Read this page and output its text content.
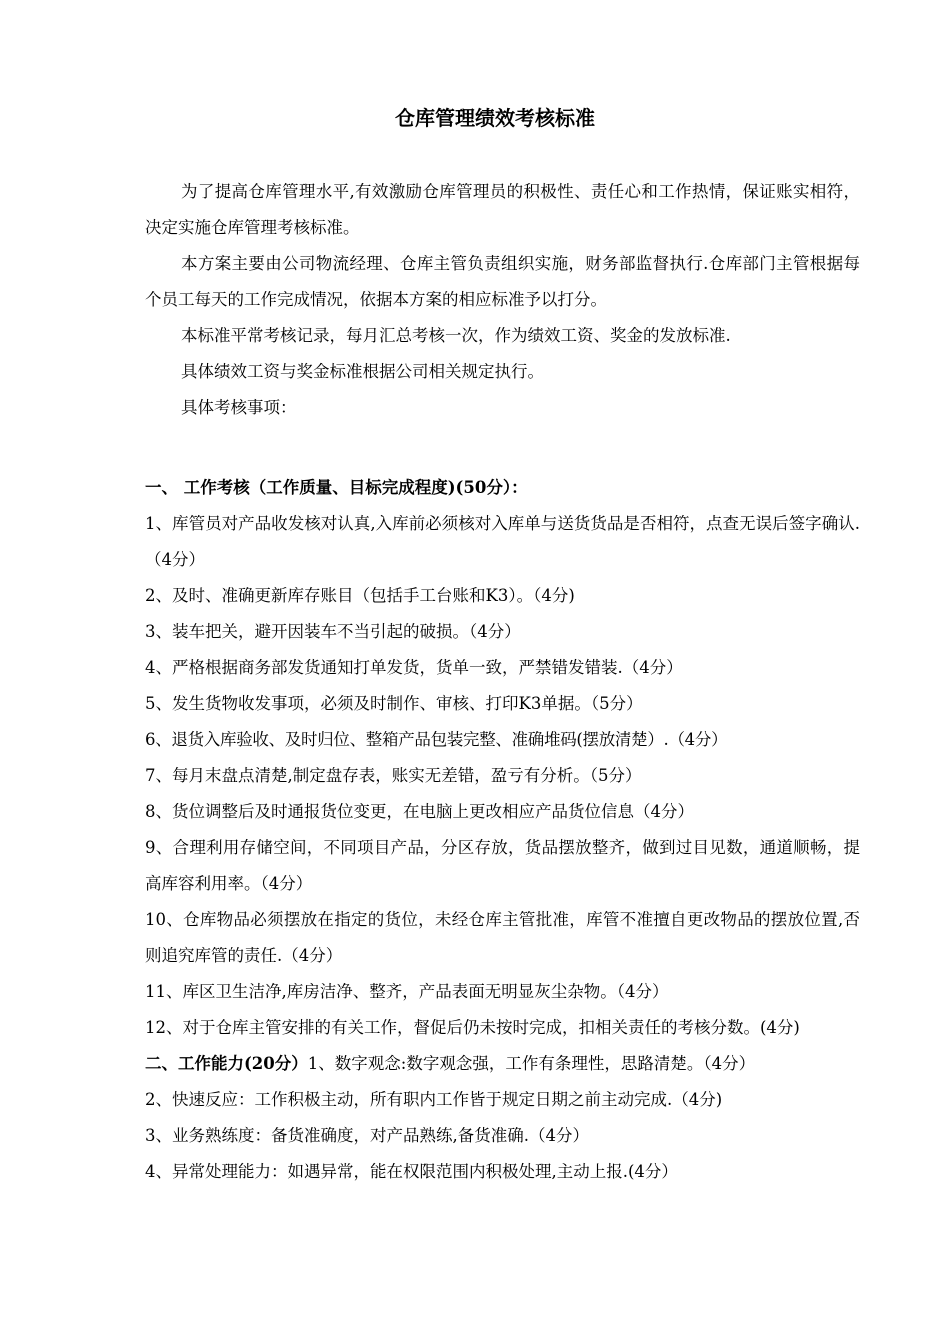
仓库管理绩效考核标准

为了提高仓库管理水平,有效激励仓库管理员的积极性、责任心和工作热情，保证账实相符，决定实施仓库管理考核标准。

本方案主要由公司物流经理、仓库主管负责组织实施，财务部监督执行.仓库部门主管根据每个员工每天的工作完成情况，依据本方案的相应标准予以打分。

本标准平常考核记录，每月汇总考核一次，作为绩效工资、奖金的发放标准.

具体绩效工资与奖金标准根据公司相关规定执行。

具体考核事项：

一、 工作考核（工作质量、目标完成程度)(50分）：

1、库管员对产品收发核对认真,入库前必须核对入库单与送货货品是否相符，点查无误后签字确认.（4分）

2、及时、准确更新库存账目（包括手工台账和K3）。（4分)

3、装车把关，避开因装车不当引起的破损。（4分）

4、严格根据商务部发货通知打单发货，货单一致，严禁错发错装.（4分）

5、发生货物收发事项，必须及时制作、审核、打印K3单据。（5分）

6、退货入库验收、及时归位、整箱产品包装完整、准确堆码(摆放清楚）.（4分）

7、每月末盘点清楚,制定盘存表，账实无差错，盈亏有分析。（5分）

8、货位调整后及时通报货位变更，在电脑上更改相应产品货位信息（4分）

9、合理利用存储空间，不同项目产品，分区存放，货品摆放整齐，做到过目见数，通道顺畅，提高库容利用率。（4分）

10、仓库物品必须摆放在指定的货位，未经仓库主管批准，库管不准擅自更改物品的摆放位置,否则追究库管的责任.（4分）

11、库区卫生洁净,库房洁净、整齐，产品表面无明显灰尘杂物。（4分）

12、对于仓库主管安排的有关工作，督促后仍未按时完成，扣相关责任的考核分数。(4分)

二、工作能力(20分）1、数字观念:数字观念强，工作有条理性，思路清楚。（4分）

2、快速反应：工作积极主动，所有职内工作皆于规定日期之前主动完成.（4分)

3、业务熟练度：备货准确度，对产品熟练,备货准确.（4分）

4、异常处理能力：如遇异常，能在权限范围内积极处理,主动上报.(4分）
